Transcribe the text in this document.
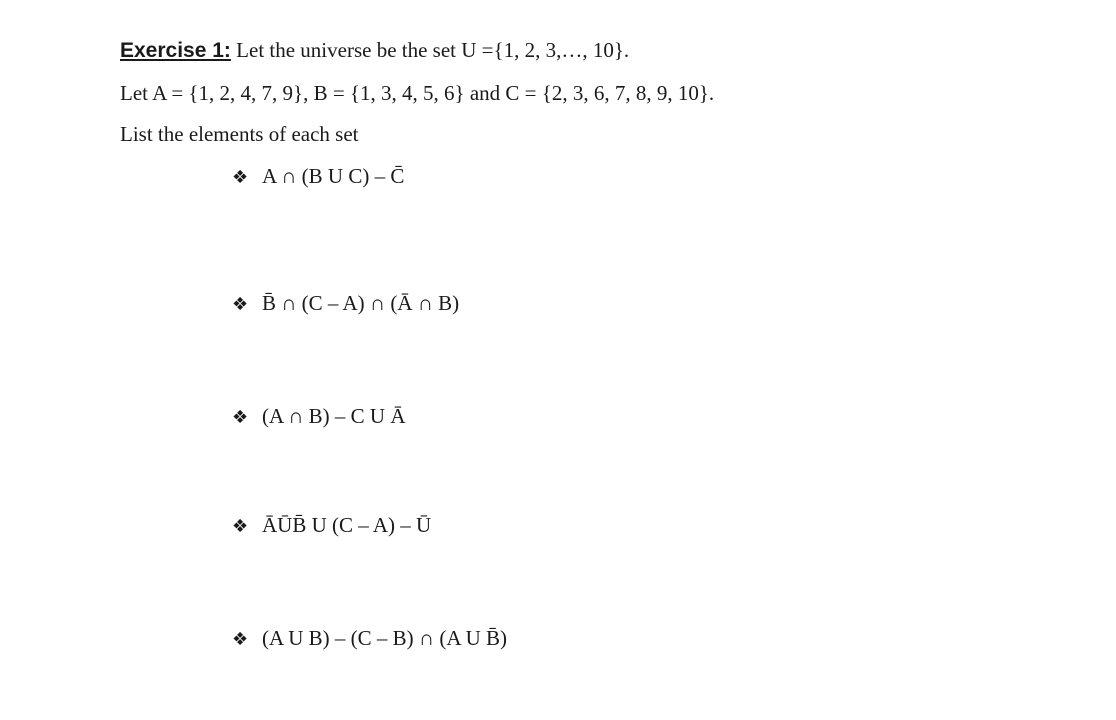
Exercise 1: Let the universe be the set U ={1, 2, 3,…, 10}.
Let A = {1, 2, 4, 7, 9}, B = {1, 3, 4, 5, 6} and C = {2, 3, 6, 7, 8, 9, 10}.
List the elements of each set
❖ A ∩ (B U C) – C̄
❖ B̄ ∩ (C – A) ∩ (Ā ∩ B)
❖ (A ∩ B) – C U Ā
❖ ĀŪB̄ U (C – A) – Ū
❖ (A U B) – (C – B) ∩ (A U B̄)
